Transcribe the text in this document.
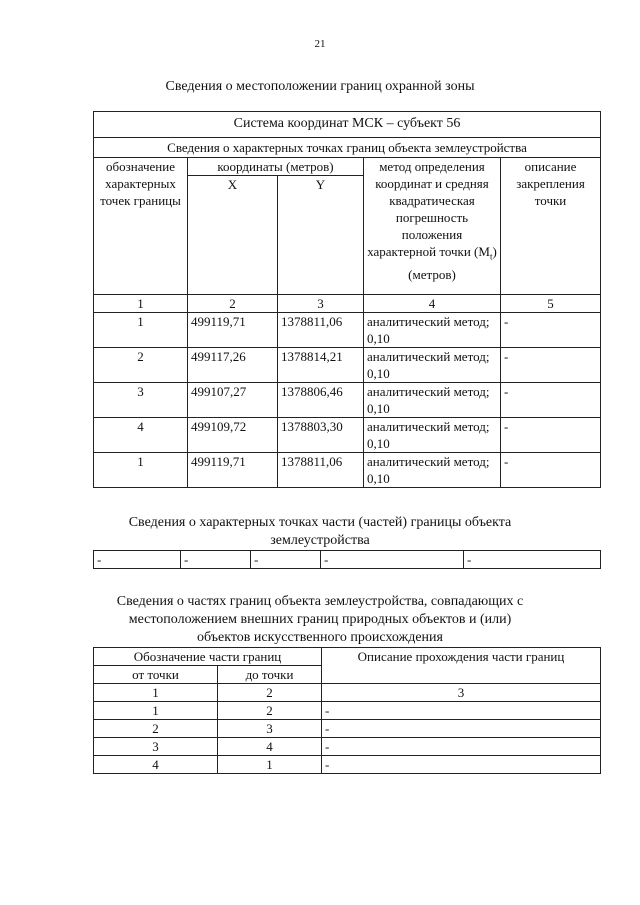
21
Сведения о местоположении границ охранной зоны
Система координат МСК – субъект 56				
Сведения о характерных точках границ объекта землеустройства				
обозначение характерных точек границы	координаты (метров)		метод определения координат и средняя квадратическая погрешность положения характерной точки $(M_t)$ (метров)	описание закрепления точки
	X	Y		
1	2	3	4	5
1	499119,71	1378811,06	аналитический метод; 0,10	-
2	499117,26	1378814,21	аналитический метод; 0,10	-
3	499107,27	1378806,46	аналитический метод; 0,10	-
4	499109,72	1378803,30	аналитический метод; 0,10	-
1	499119,71	1378811,06	аналитический метод; 0,10	-
Сведения о характерных точках части (частей) границы объекта землеустройства
-	-	-	-	-
Сведения о частях границ объекта землеустройства, совпадающих с местоположением внешних границ природных объектов и (или) объектов искусственного происхождения
Обозначение части границ		Описание прохождения части границ
от точки	до точки	
1	2	3
1	2	-
2	3	-
3	4	-
4	1	-
